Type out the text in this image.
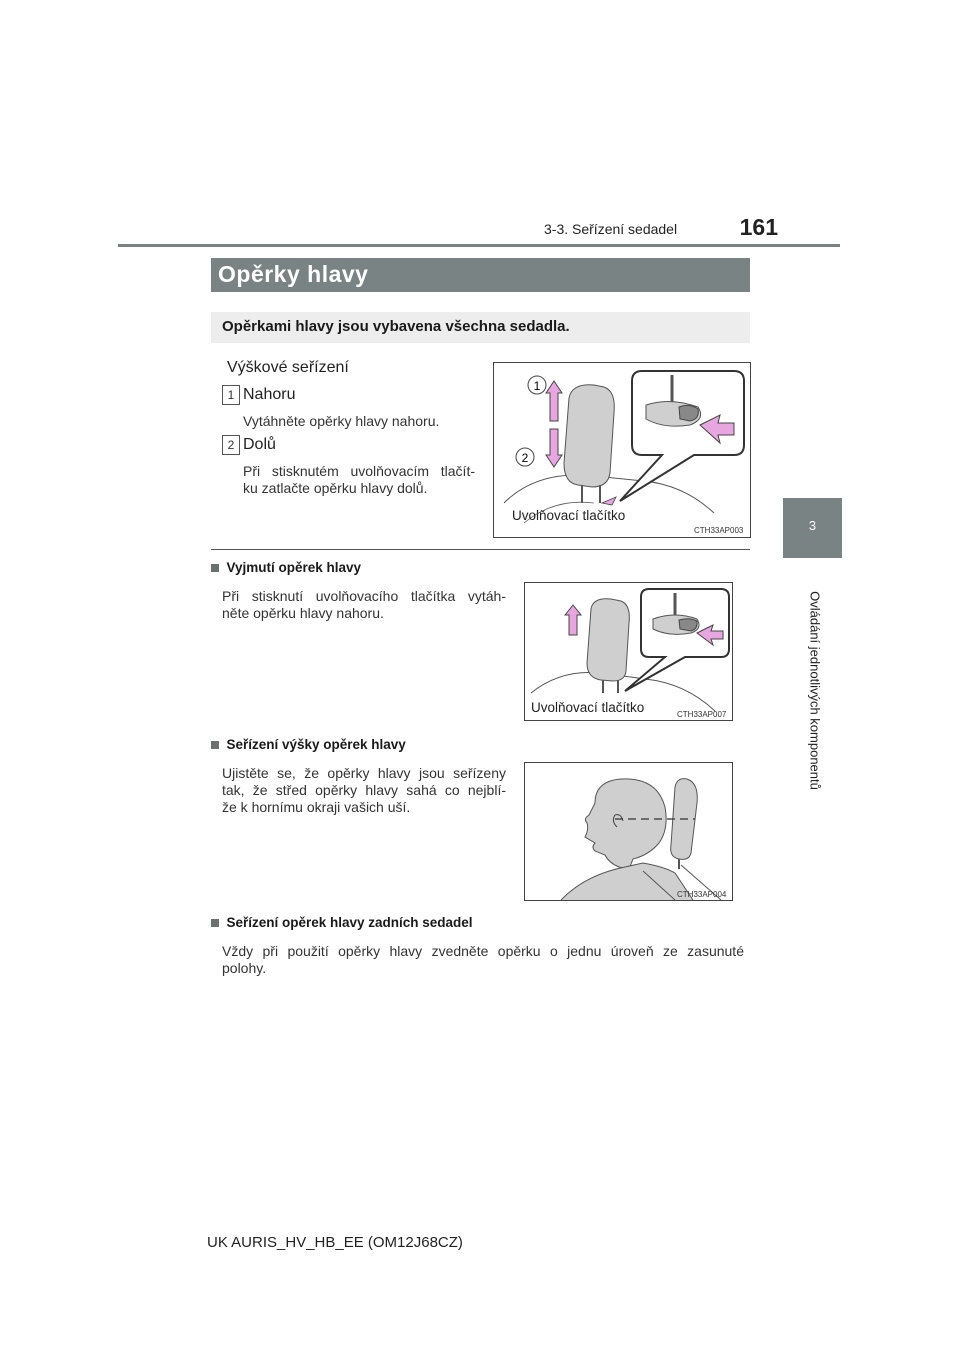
3-3. Seřízení sedadel	161
3
Ovládání jednotlivých komponentů
Opěrky hlavy
Opěrkami hlavy jsou vybavena všechna sedadla.
Výškové seřízení
1 Nahoru
Vytáhněte opěrky hlavy nahoru.
2 Dolů
Při stisknutém uvolňovacím tlačít-
ku zatlačte opěrku hlavy dolů.
1
2
Uvolňovací tlačítko
CTH33AP003
Vyjmutí opěrek hlavy
Při stisknutí uvolňovacího tlačítka vytáh-
něte opěrku hlavy nahoru.
Uvolňovací tlačítko	CTH33AP007
Seřízení výšky opěrek hlavy
Ujistěte se, že opěrky hlavy jsou seřízeny
tak, že střed opěrky hlavy sahá co nejblí-
že k hornímu okraji vašich uší.
CTH33AP004
Seřízení opěrek hlavy zadních sedadel
Vždy při použití opěrky hlavy zvedněte opěrku o jednu úroveň ze zasunuté
polohy.
UK AURIS_HV_HB_EE (OM12J68CZ)
